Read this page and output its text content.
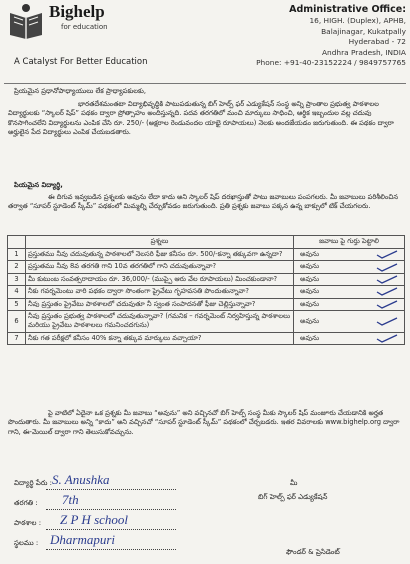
Bighelp
for education
A Catalyst For Better Education
Administrative Office:
16, HIGH. (Duplex), APHB,
Balajinagar, Kukatpally
Hyderabad - 72
Andhra Pradesh, INDIA
Phone: +91-40-23152224 / 9849757765
ప్రియమైన ప్రధానోపాధ్యాయులు లేక ప్రాధ్యాపకులకు,
భారతదేశమంతటా విద్యాభివృద్ధికి పాటుపడుతున్న బిగ్ హెల్ప్ ఫర్ ఎడ్యుకేషన్ సంస్థ అన్ని ప్రాంతాల ప్రభుత్వ పాఠశాలల విద్యార్థులకు “స్కాలర్ షిప్” పథకం ద్వారా ప్రోత్సాహం అందిస్తున్నది. పదవ తరగతిలో మంచి మార్కులు సాధించి, ఆర్థిక ఇబ్బందుల వల్ల చదువు కొనసాగించలేని విద్యార్థులను ఎంపిక చేసి రూ. 250/- (అక్షరాల రెండువందల యాభై రూపాయలు) నెలకు అందజేయడం జరుగుతుంది. ఈ పథకం ద్వారా అర్హులైన పేద విద్యార్థులు ఎంపిక చేయబడతారు.
పియమైన విద్యార్థి,
ఈ దిగువ ఇవ్వబడిన ప్రశ్నలకు అవును లేదా కాదు అని స్కాలర్ షిప్ దరఖాస్తుతో పాటు జవాబులు పంపగలరు. మీ జవాబులు పరిశీలించిన తర్వాత “సూపర్ స్టూడెంట్ స్కీమ్” పథకంలో మిమ్మల్ని చేర్చుకోవడం జరుగుతుంది. ప్రతి ప్రశ్నకు జవాబు పక్కన ఉన్న బాక్సులో టిక్ చేయగలరు.
	ప్రశ్నలు	జవాబు పై గుర్తు పెట్టాలి
1	ప్రస్తుతము నీవు చదువుతున్న పాఠశాలలో నెలసరి ఫీజు కనీసం రూ. 500/-కన్నా తక్కువగా ఉన్నదా?	అవును

2	ప్రస్తుతము నీవు 8వ తరగతి గాని 10వ తరగతిలో గాని చదువుతున్నావా?	అవును

3	మీ కుటుంబ సంవత్సరాదాయం రూ. 36,000/- (ముప్పై ఆరు వేల రూపాయలు) మించకుండానా?	అవును

4	నీకు గవర్నమెంటు వారి పథకం ద్వారా సొంతంగా ప్రైవేటు గృహవసతి పొందుతున్నావా?	అవును

5	నీవు ప్రస్తుతం ప్రైవేటు పాఠశాలలో చదువుతూ నీ స్వంత సంపాదనతో ఫీజు చెల్లిస్తున్నావా?	అవును

6	నీవు ప్రస్తుతం ప్రభుత్వ పాఠశాలలో చదువుతున్నావా? (గమనిక – గవర్నమెంట్ నిర్వహిస్తున్న పాఠశాలలు మరియు ప్రైవేటు పాఠశాలలు గమనించదగును)	అవును

7	నీకు గత పరీక్షలో కనీసం 40% కన్నా తక్కువ మార్కులు వచ్చాయా?	అవును
పై వాటిలో ఏదైనా ఒక ప్రశ్నకు మీ జవాబు “అవును” అని వచ్చినచో బిగ్ హెల్ప్ సంస్థ మీకు స్కాలర్ షిప్ మంజూరు చేయడానికి అర్హత పొందుతారు. మీ జవాబులు అన్ని “కాదు” అని వచ్చినచో “సూపర్ స్టూడెంట్ స్కీమ్” పథకంలో చేర్చబడరు. ఇతర వివరాలకు www.bighelp.org ద్వారా గాని, ఈ-మెయిల్ ద్వారా గాని తెలుసుకోవచ్చును.
విద్యార్థి పేరు : S. Anushka
తరగతి : 7th
పాఠశాల : Z P H school
స్థలము : Dharmapuri
మీ
బిగ్ హెల్ప్ ఫర్ ఎడ్యుకేషన్
ఫౌండర్ & ప్రెసిడెంట్
